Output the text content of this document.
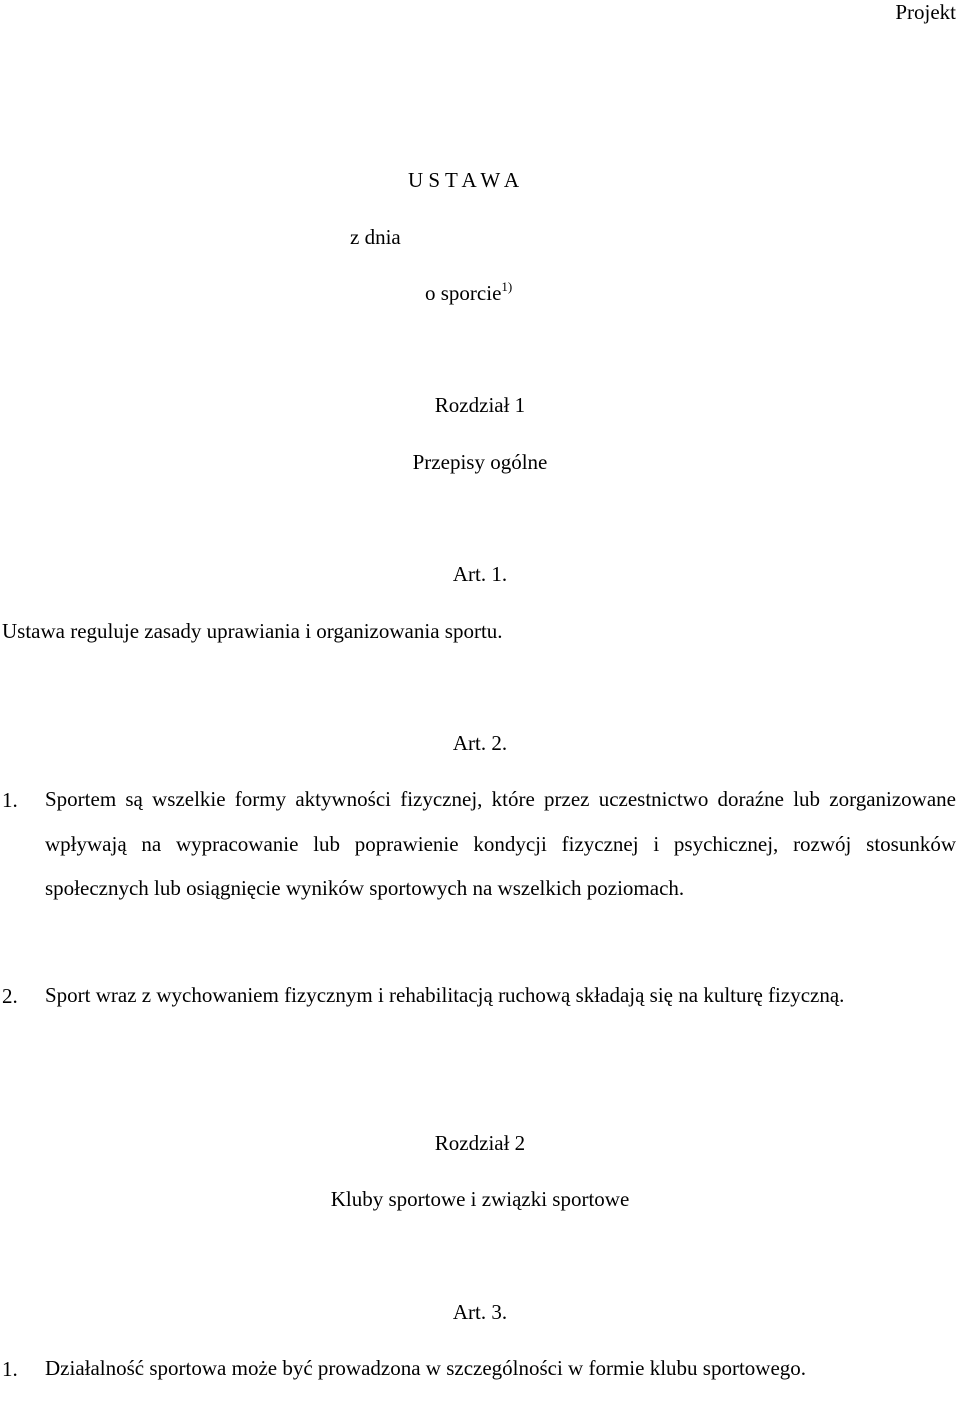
Projekt
U S T A W A
z dnia
o sporcie$^{1)}$
Rozdział 1
Przepisy ogólne
Art. 1.
Ustawa reguluje zasady uprawiania i organizowania sportu.
Art. 2.
1. Sportem są wszelkie formy aktywności fizycznej, które przez uczestnictwo doraźne lub zorganizowane wpływają na wypracowanie lub poprawienie kondycji fizycznej i psychicznej, rozwój stosunków społecznych lub osiągnięcie wyników sportowych na wszelkich poziomach.

2. Sport wraz z wychowaniem fizycznym i rehabilitacją ruchową składają się na kulturę fizyczną.

Rozdział 2
Kluby sportowe i związki sportowe
Art. 3.
1. Działalność sportowa może być prowadzona w szczególności w formie klubu sportowego.
